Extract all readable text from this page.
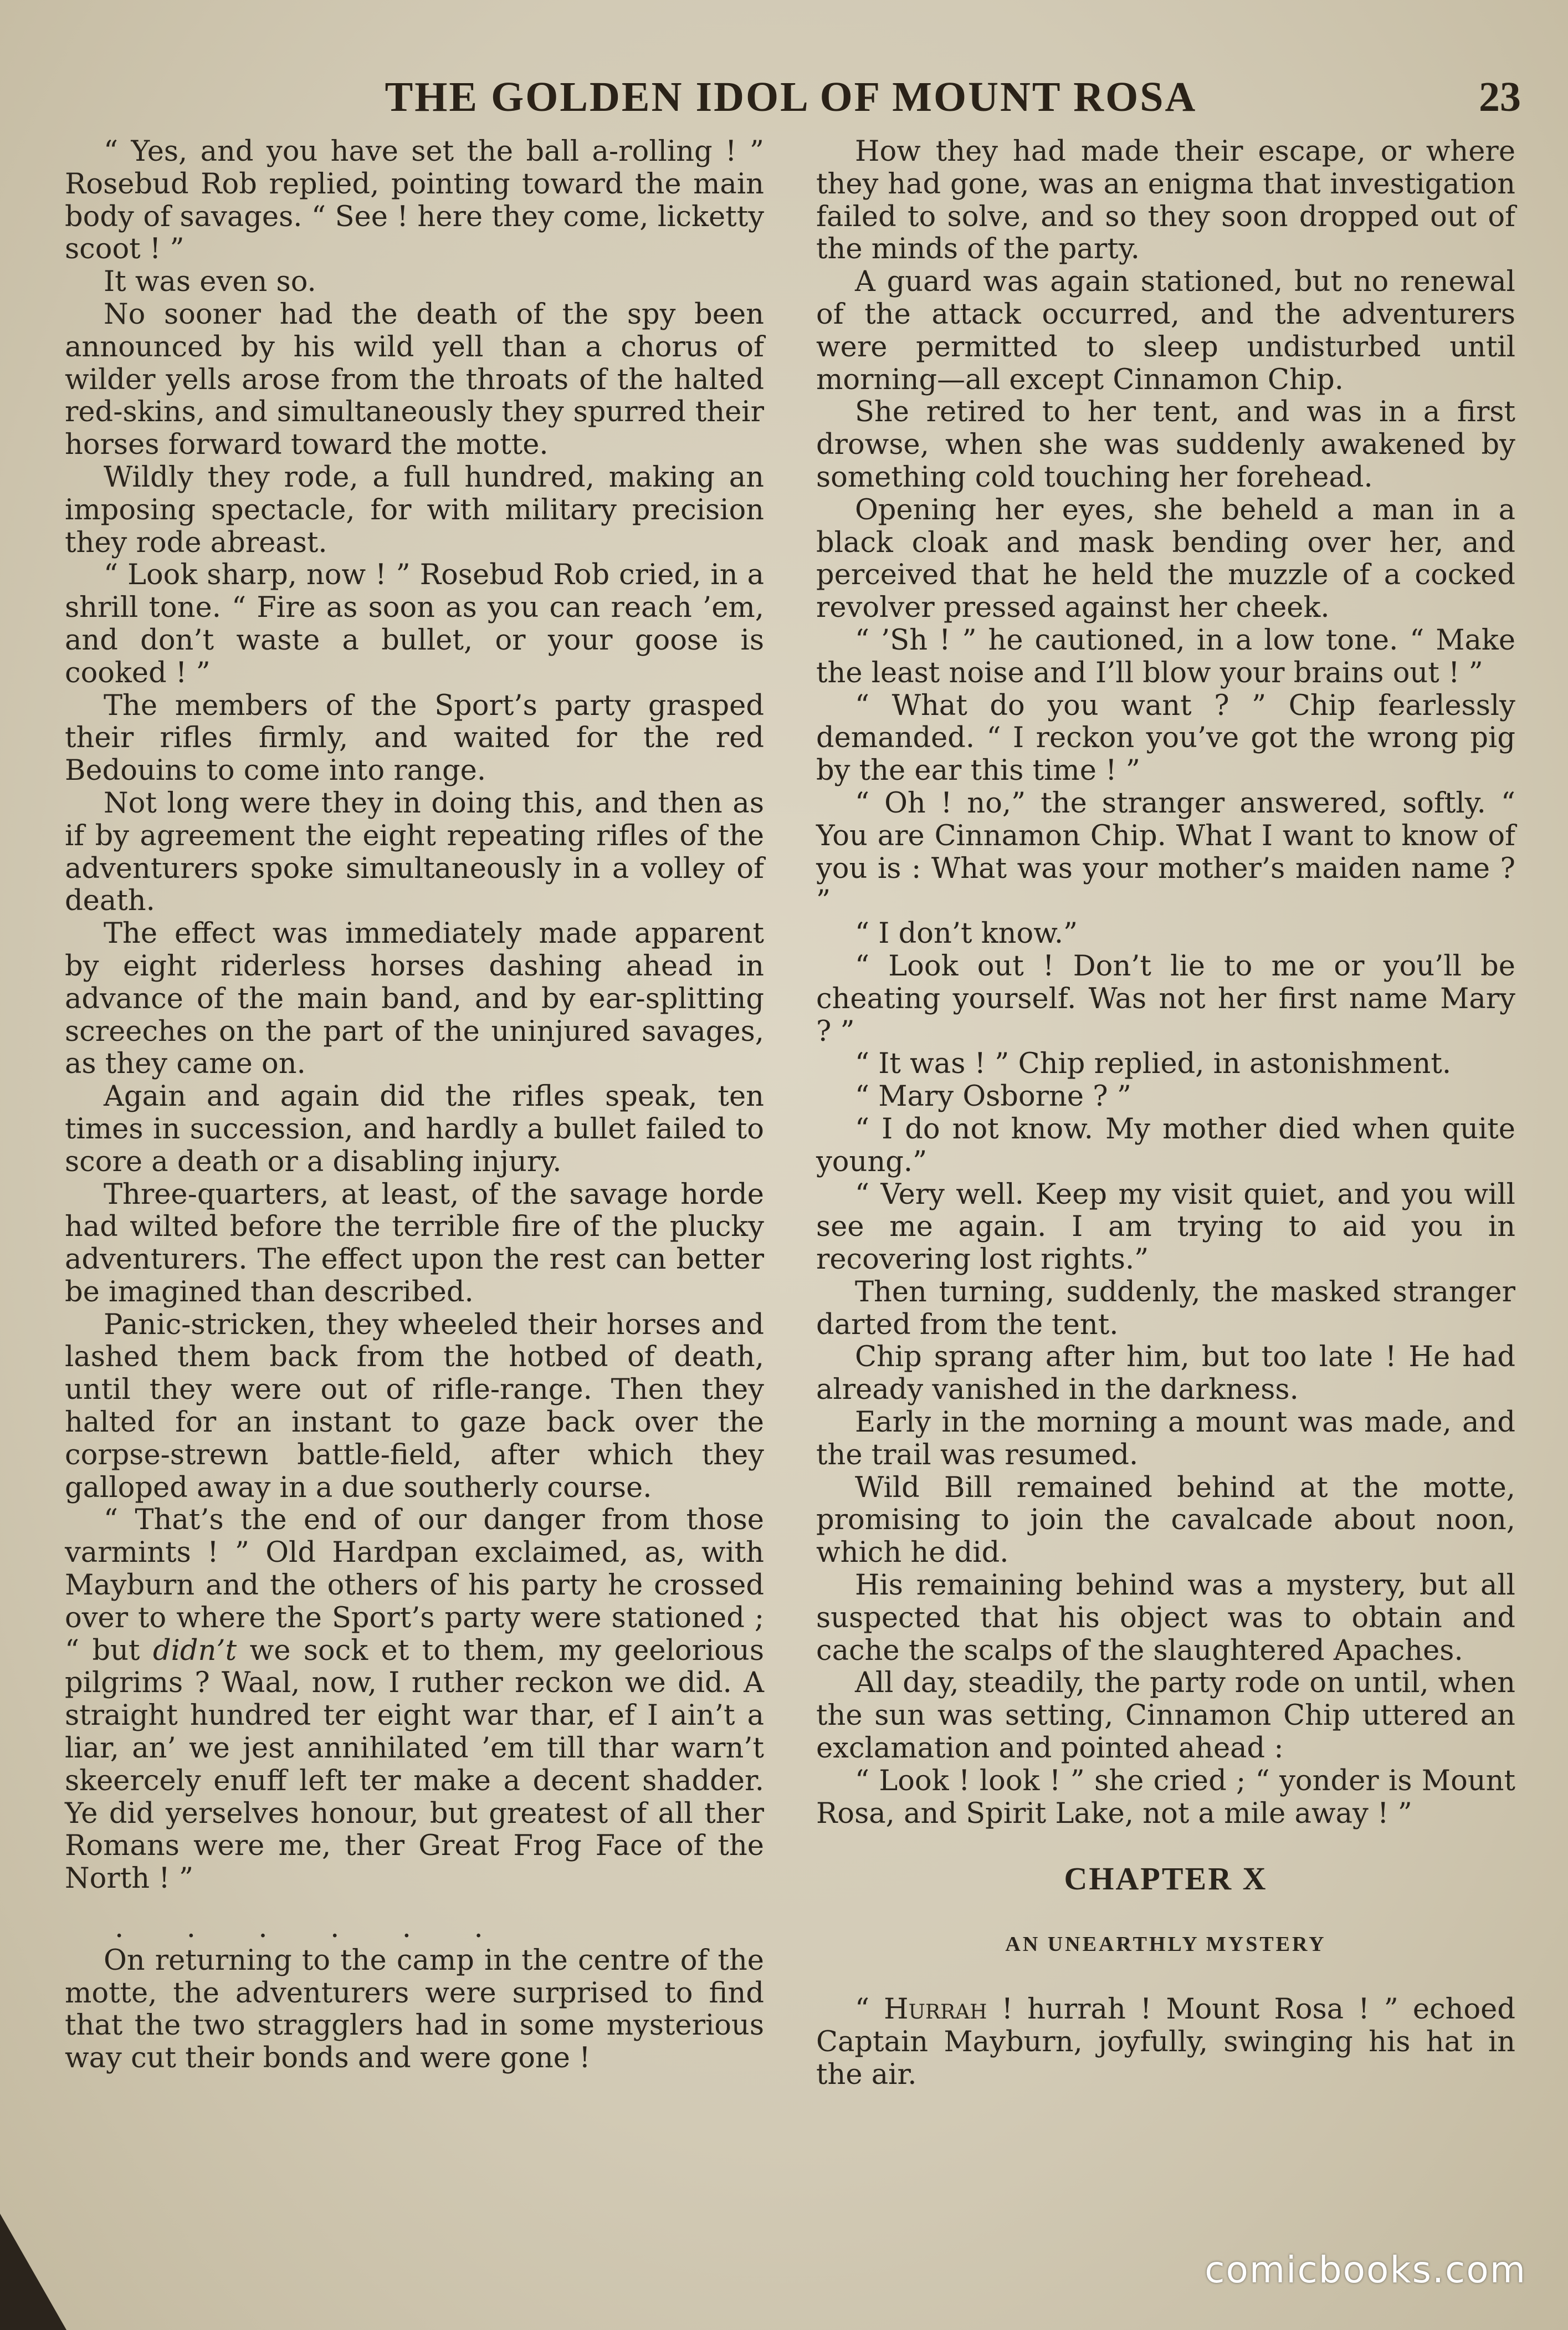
THE GOLDEN IDOL OF MOUNT ROSA	23

“ Yes, and you have set the ball a-rolling ! ” Rosebud Rob replied, pointing toward the main body of savages. “ See ! here they come, licketty scoot ! ”

It was even so.

No sooner had the death of the spy been announced by his wild yell than a chorus of wilder yells arose from the throats of the halted red-skins, and simultaneously they spurred their horses forward toward the motte.

Wildly they rode, a full hundred, making an imposing spectacle, for with military precision they rode abreast.

“ Look sharp, now ! ” Rosebud Rob cried, in a shrill tone. “ Fire as soon as you can reach ’em, and don’t waste a bullet, or your goose is cooked ! ”

The members of the Sport’s party grasped their rifles firmly, and waited for the red Bedouins to come into range.

Not long were they in doing this, and then as if by agreement the eight repeating rifles of the adventurers spoke simultaneously in a volley of death.

The effect was immediately made apparent by eight riderless horses dashing ahead in advance of the main band, and by ear-splitting screeches on the part of the uninjured savages, as they came on.

Again and again did the rifles speak, ten times in succession, and hardly a bullet failed to score a death or a disabling injury.

Three-quarters, at least, of the savage horde had wilted before the terrible fire of the plucky adventurers. The effect upon the rest can better be imagined than described.

Panic-stricken, they wheeled their horses and lashed them back from the hotbed of death, until they were out of rifle-range. Then they halted for an instant to gaze back over the corpse-strewn battle-field, after which they galloped away in a due southerly course.

“ That’s the end of our danger from those varmints ! ” Old Hardpan exclaimed, as, with Mayburn and the others of his party he crossed over to where the Sport’s party were stationed ; “ but didn’t we sock et to them, my geelorious pilgrims ? Waal, now, I ruther reckon we did. A straight hundred ter eight war thar, ef I ain’t a liar, an’ we jest annihilated ’em till thar warn’t skeercely enuff left ter make a decent shadder. Ye did yerselves honour, but greatest of all ther Romans were me, ther Great Frog Face of the North ! ”

.       .       .       .       .       .

On returning to the camp in the centre of the motte, the adventurers were surprised to find that the two stragglers had in some mysterious way cut their bonds and were gone !

How they had made their escape, or where they had gone, was an enigma that investigation failed to solve, and so they soon dropped out of the minds of the party.

A guard was again stationed, but no renewal of the attack occurred, and the adventurers were permitted to sleep undisturbed until morning—all except Cinnamon Chip.

She retired to her tent, and was in a first drowse, when she was suddenly awakened by something cold touching her forehead.

Opening her eyes, she beheld a man in a black cloak and mask bending over her, and perceived that he held the muzzle of a cocked revolver pressed against her cheek.

“ ’Sh ! ” he cautioned, in a low tone. “ Make the least noise and I’ll blow your brains out ! ”

“ What do you want ? ” Chip fearlessly demanded. “ I reckon you’ve got the wrong pig by the ear this time ! ”

“ Oh ! no,” the stranger answered, softly. “ You are Cinnamon Chip. What I want to know of you is : What was your mother’s maiden name ? ”

“ I don’t know.”

“ Look out ! Don’t lie to me or you’ll be cheating yourself. Was not her first name Mary ? ”

“ It was ! ” Chip replied, in astonishment.

“ Mary Osborne ? ”

“ I do not know. My mother died when quite young.”

“ Very well. Keep my visit quiet, and you will see me again. I am trying to aid you in recovering lost rights.”

Then turning, suddenly, the masked stranger darted from the tent.

Chip sprang after him, but too late ! He had already vanished in the darkness.

Early in the morning a mount was made, and the trail was resumed.

Wild Bill remained behind at the motte, promising to join the cavalcade about noon, which he did.

His remaining behind was a mystery, but all suspected that his object was to obtain and cache the scalps of the slaughtered Apaches.

All day, steadily, the party rode on until, when the sun was setting, Cinnamon Chip uttered an exclamation and pointed ahead :

“ Look ! look ! ” she cried ; “ yonder is Mount Rosa, and Spirit Lake, not a mile away ! ”

CHAPTER X

AN UNEARTHLY MYSTERY

“ Hurrah ! hurrah ! Mount Rosa ! ” echoed Captain Mayburn, joyfully, swinging his hat in the air.

comicbooks.com
